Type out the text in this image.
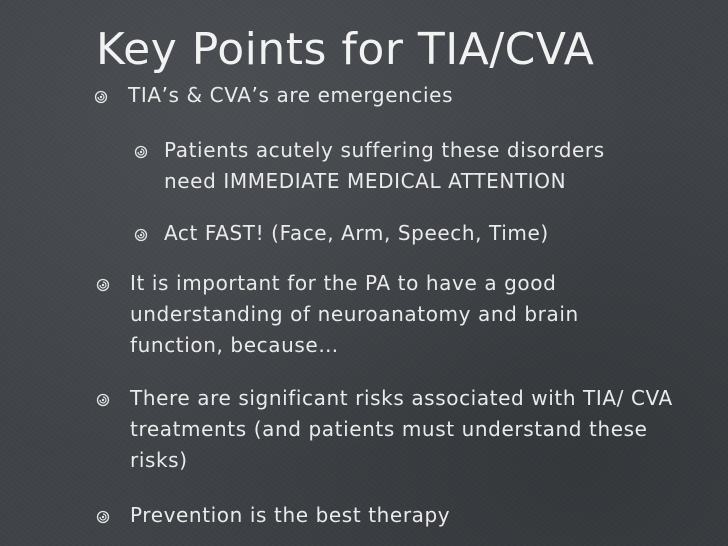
Key Points for TIA/CVA
TIA’s & CVA’s are emergencies
Patients acutely suffering these disorders need IMMEDIATE MEDICAL ATTENTION
Act FAST! (Face, Arm, Speech, Time)
It is important for the PA to have a good understanding of neuroanatomy and brain function, because…
There are significant risks associated with TIA/ CVA treatments (and patients must understand these risks)
Prevention is the best therapy
